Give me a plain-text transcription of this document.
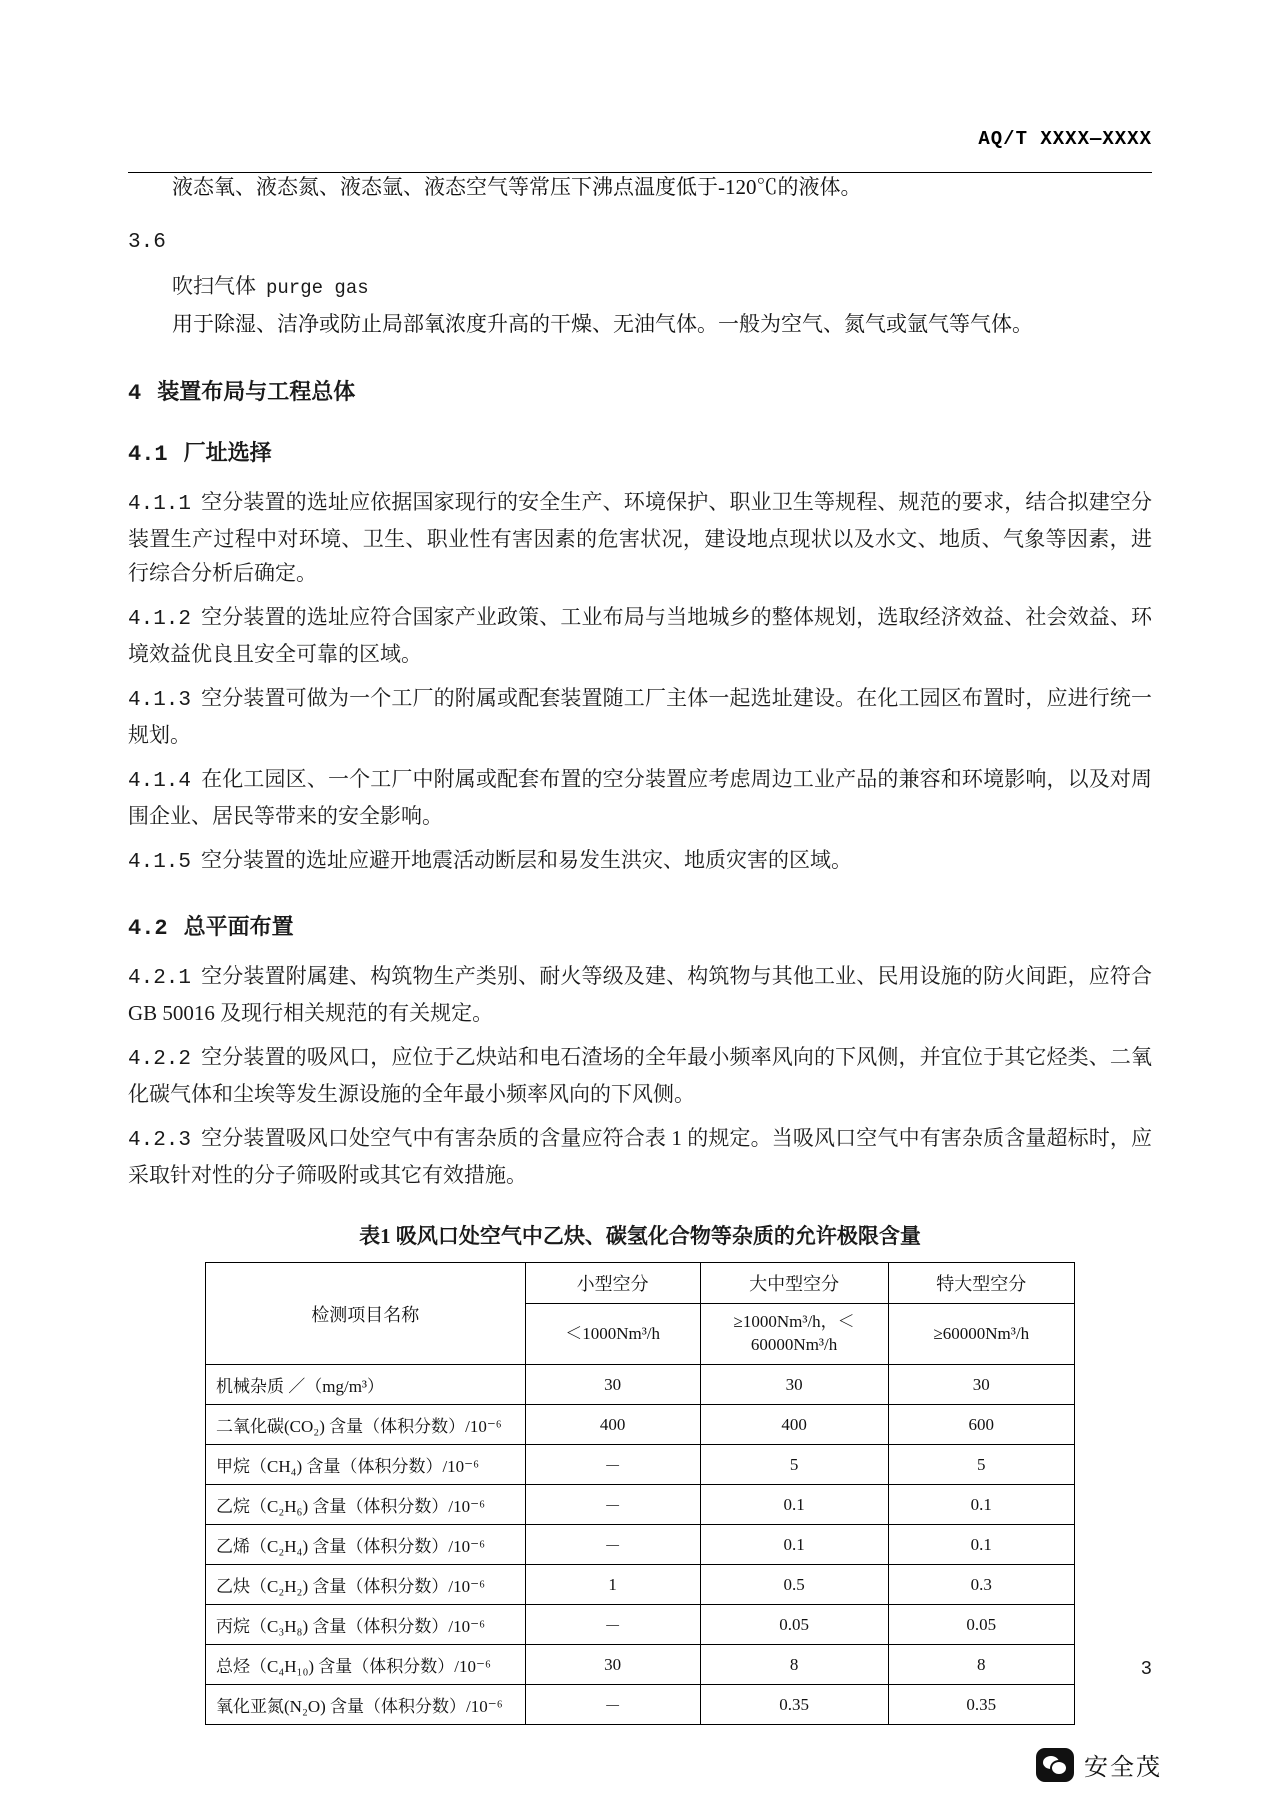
AQ/T XXXX—XXXX

液态氧、液态氮、液态氩、液态空气等常压下沸点温度低于-120℃的液体。

3.6
吹扫气体 purge gas

用于除湿、洁净或防止局部氧浓度升高的干燥、无油气体。一般为空气、氮气或氩气等气体。

4 装置布局与工程总体
4.1 厂址选择

4.1.1 空分装置的选址应依据国家现行的安全生产、环境保护、职业卫生等规程、规范的要求，结合拟建空分装置生产过程中对环境、卫生、职业性有害因素的危害状况，建设地点现状以及水文、地质、气象等因素，进行综合分析后确定。

4.1.2 空分装置的选址应符合国家产业政策、工业布局与当地城乡的整体规划，选取经济效益、社会效益、环境效益优良且安全可靠的区域。

4.1.3 空分装置可做为一个工厂的附属或配套装置随工厂主体一起选址建设。在化工园区布置时，应进行统一规划。

4.1.4 在化工园区、一个工厂中附属或配套布置的空分装置应考虑周边工业产品的兼容和环境影响，以及对周围企业、居民等带来的安全影响。

4.1.5 空分装置的选址应避开地震活动断层和易发生洪灾、地质灾害的区域。

4.2 总平面布置

4.2.1 空分装置附属建、构筑物生产类别、耐火等级及建、构筑物与其他工业、民用设施的防火间距，应符合 GB 50016 及现行相关规范的有关规定。

4.2.2 空分装置的吸风口，应位于乙炔站和电石渣场的全年最小频率风向的下风侧，并宜位于其它烃类、二氧化碳气体和尘埃等发生源设施的全年最小频率风向的下风侧。

4.2.3 空分装置吸风口处空气中有害杂质的含量应符合表 1 的规定。当吸风口空气中有害杂质含量超标时，应采取针对性的分子筛吸附或其它有效措施。

表1 吸风口处空气中乙炔、碳氢化合物等杂质的允许极限含量
检测项目名称	小型空分	大中型空分	特大型空分
	＜1000Nm³/h	≥1000Nm³/h，＜60000Nm³/h	≥60000Nm³/h
机械杂质 ／（mg/m³）	30	30	30
二氧化碳(CO₂) 含量（体积分数）/10⁻⁶	400	400	600
甲烷（CH₄) 含量（体积分数）/10⁻⁶	－	5	5
乙烷（C₂H₆) 含量（体积分数）/10⁻⁶	－	0.1	0.1
乙烯（C₂H₄) 含量（体积分数）/10⁻⁶	－	0.1	0.1
乙炔（C₂H₂) 含量（体积分数）/10⁻⁶	1	0.5	0.3
丙烷（C₃H₈) 含量（体积分数）/10⁻⁶	－	0.05	0.05
总烃（C₄H₁₀) 含量（体积分数）/10⁻⁶	30	8	8
氧化亚氮(N₂O) 含量（体积分数）/10⁻⁶	－	0.35	0.35
3
安全茂
